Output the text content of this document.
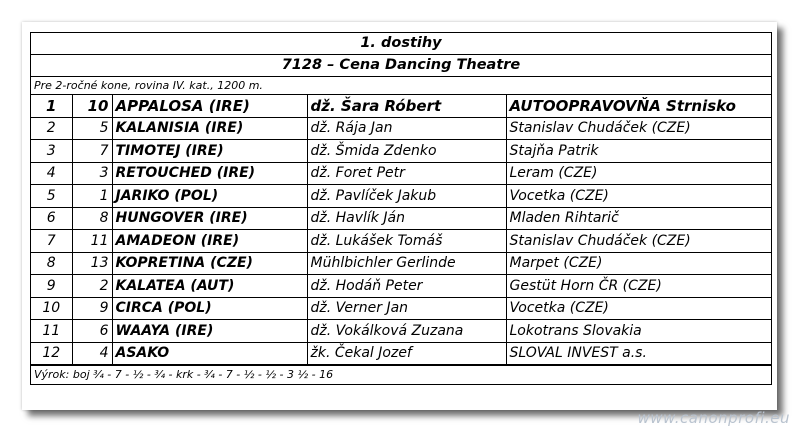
1. dostihy
7128 – Cena Dancing Theatre
Pre 2-ročné kone, rovina IV. kat., 1200 m.
1	10	APPALOSA (IRE)	dž. Šara Róbert	AUTOOPRAVOVŇA Strnisko
2	5	KALANISIA (IRE)	dž. Rája Jan	Stanislav Chudáček (CZE)
3	7	TIMOTEJ (IRE)	dž. Šmida Zdenko	Stajňa Patrik
4	3	RETOUCHED (IRE)	dž. Foret Petr	Leram (CZE)
5	1	JARIKO (POL)	dž. Pavlíček Jakub	Vocetka (CZE)
6	8	HUNGOVER (IRE)	dž. Havlík Ján	Mladen Rihtarič
7	11	AMADEON (IRE)	dž. Lukášek Tomáš	Stanislav Chudáček (CZE)
8	13	KOPRETINA (CZE)	Mühlbichler Gerlinde	Marpet (CZE)
9	2	KALATEA (AUT)	dž. Hodáň Peter	Gestüt Horn ČR (CZE)
10	9	CIRCA (POL)	dž. Verner Jan	Vocetka (CZE)
11	6	WAAYA (IRE)	dž. Vokálková Zuzana	Lokotrans Slovakia
12	4	ASAKO	žk. Čekal Jozef	SLOVAL INVEST a.s.
Výrok: boj ¾ - 7 - ½ - ¾ - krk - ¾ - 7 - ½ - ½ - 3 ½ - 16
www.canonprofi.eu
